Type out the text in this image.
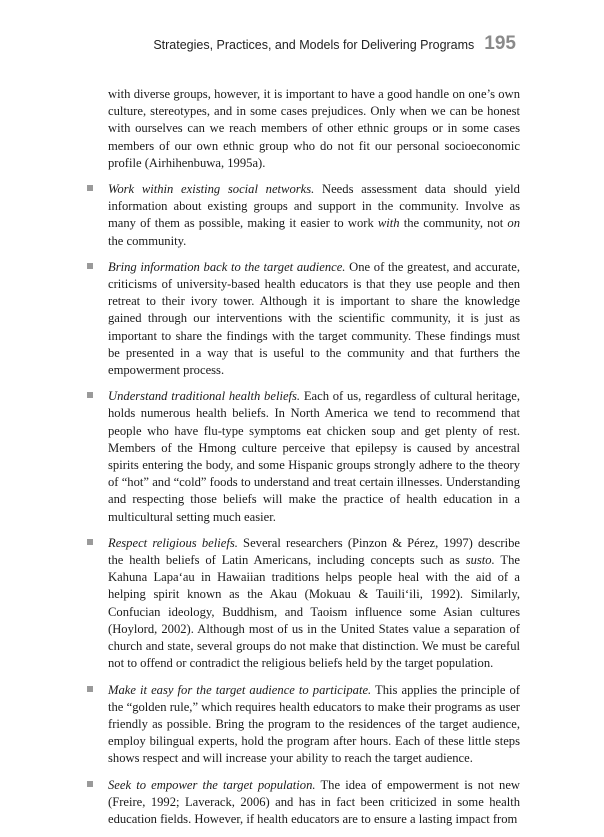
Strategies, Practices, and Models for Delivering Programs 195

with diverse groups, however, it is important to have a good handle on one’s own culture, stereotypes, and in some cases prejudices. Only when we can be honest with ourselves can we reach members of other ethnic groups or in some cases members of our own ethnic group who do not fit our personal socioeconomic profile (Airhihenbuwa, 1995a).

Work within existing social networks. Needs assessment data should yield information about existing groups and support in the community. Involve as many of them as possible, making it easier to work with the community, not on the community.

Bring information back to the target audience. One of the greatest, and accurate, criticisms of university-based health educators is that they use people and then retreat to their ivory tower. Although it is important to share the knowledge gained through our interventions with the scientific community, it is just as important to share the findings with the target community. These findings must be presented in a way that is useful to the community and that furthers the empowerment process.

Understand traditional health beliefs. Each of us, regardless of cultural heritage, holds numerous health beliefs. In North America we tend to recommend that people who have flu-type symptoms eat chicken soup and get plenty of rest. Members of the Hmong culture perceive that epilepsy is caused by ancestral spirits entering the body, and some Hispanic groups strongly adhere to the theory of “hot” and “cold” foods to understand and treat certain illnesses. Understanding and respecting those beliefs will make the practice of health education in a multicultural setting much easier.

Respect religious beliefs. Several researchers (Pinzon & Pérez, 1997) describe the health beliefs of Latin Americans, including concepts such as susto. The Kahuna Lapa‘au in Hawaiian traditions helps people heal with the aid of a helping spirit known as the Akau (Mokuau & Tauili‘ili, 1992). Similarly, Confucian ideology, Buddhism, and Taoism influence some Asian cultures (Hoylord, 2002). Although most of us in the United States value a separation of church and state, several groups do not make that distinction. We must be careful not to offend or contradict the religious beliefs held by the target population.

Make it easy for the target audience to participate. This applies the principle of the “golden rule,” which requires health educators to make their programs as user friendly as possible. Bring the program to the residences of the target audience, employ bilingual experts, hold the program after hours. Each of these little steps shows respect and will increase your ability to reach the target audience.

Seek to empower the target population. The idea of empowerment is not new (Freire, 1992; Laverack, 2006) and has in fact been criticized in some health education fields. However, if health educators are to ensure a lasting impact from
